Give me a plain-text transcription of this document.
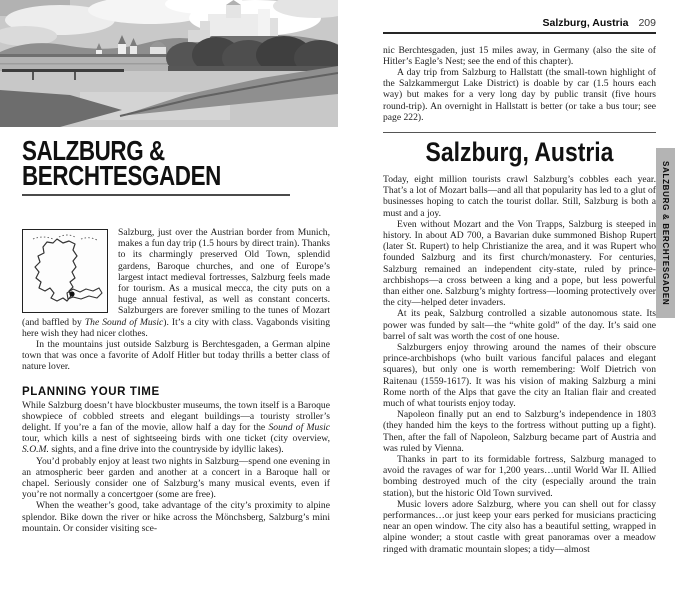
SALZBURG &
BERCHTESGADEN

Salzburg, just over the Austrian border from Munich, makes a fun day trip (1.5 hours by direct train). Thanks to its charmingly preserved Old Town, splendid gardens, Baroque churches, and one of Europe’s largest intact medieval fortresses, Salzburg feels made for tourism. As a musical mecca, the city puts on a huge annual festival, as well as constant concerts. Salzburgers are forever smiling to the tunes of Mozart (and baffled by The Sound of Music). It’s a city with class. Vagabonds visiting here wish they had nicer clothes.

In the mountains just outside Salzburg is Berchtesgaden, a German alpine town that was once a favorite of Adolf Hitler but today thrills a better class of nature lover.

PLANNING YOUR TIME

While Salzburg doesn’t have blockbuster museums, the town itself is a Baroque showpiece of cobbled streets and elegant buildings—a touristy stroller’s delight. If you’re a fan of the movie, allow half a day for the Sound of Music tour, which kills a nest of sightseeing birds with one ticket (city overview, S.O.M. sights, and a fine drive into the countryside by idyllic lakes).

You’d probably enjoy at least two nights in Salzburg—spend one evening in an atmospheric beer garden and another at a concert in a Baroque hall or chapel. Seriously consider one of Salzburg’s many musical events, even if you’re not normally a concertgoer (some are free).

When the weather’s good, take advantage of the city’s proximity to alpine splendor. Bike down the river or hike across the Mönchsberg, Salzburg’s mini mountain. Or consider visiting sce-

Salzburg, Austria 209

nic Berchtesgaden, just 15 miles away, in Germany (also the site of Hitler’s Eagle’s Nest; see the end of this chapter).

A day trip from Salzburg to Hallstatt (the small-town highlight of the Salzkammergut Lake District) is doable by car (1.5 hours each way) but makes for a very long day by public transit (five hours round-trip). An overnight in Hallstatt is better (or take a bus tour; see page 222).

Salzburg, Austria

Today, eight million tourists crawl Salzburg’s cobbles each year. That’s a lot of Mozart balls—and all that popularity has led to a glut of businesses hoping to catch the tourist dollar. Still, Salzburg is both a must and a joy.

Even without Mozart and the Von Trapps, Salzburg is steeped in history. In about AD 700, a Bavarian duke summoned Bishop Rupert (later St. Rupert) to help Christianize the area, and it was Rupert who founded Salzburg and its first church/monastery. For centuries, Salzburg remained an independent city-state, ruled by prince-archbishops—a cross between a king and a pope, but less powerful than either one. Salzburg’s mighty fortress—looming protectively over the city—helped deter invaders.

At its peak, Salzburg controlled a sizable autonomous state. Its power was funded by salt—the “white gold” of the day. It’s said one barrel of salt was worth the cost of one house.

Salzburgers enjoy throwing around the names of their obscure prince-archbishops (who built various fanciful palaces and elegant squares), but only one is worth remembering: Wolf Dietrich von Raitenau (1559-1617). It was his vision of making Salzburg a mini Rome north of the Alps that gave the city an Italian flair and created much of what tourists enjoy today.

Napoleon finally put an end to Salzburg’s independence in 1803 (they handed him the keys to the fortress without putting up a fight). Then, after the fall of Napoleon, Salzburg became part of Austria and was ruled by Vienna.

Thanks in part to its formidable fortress, Salzburg managed to avoid the ravages of war for 1,200 years…until World War II. Allied bombing destroyed much of the city (especially around the train station), but the historic Old Town survived.

Music lovers adore Salzburg, where you can shell out for classy performances…or just keep your ears perked for musicians practicing near an open window. The city also has a beautiful setting, wrapped in alpine wonder; a stout castle with great panoramas over a meadow ringed with dramatic mountain slopes; a tidy—almost

SALZBURG & BERCHTESGADEN
